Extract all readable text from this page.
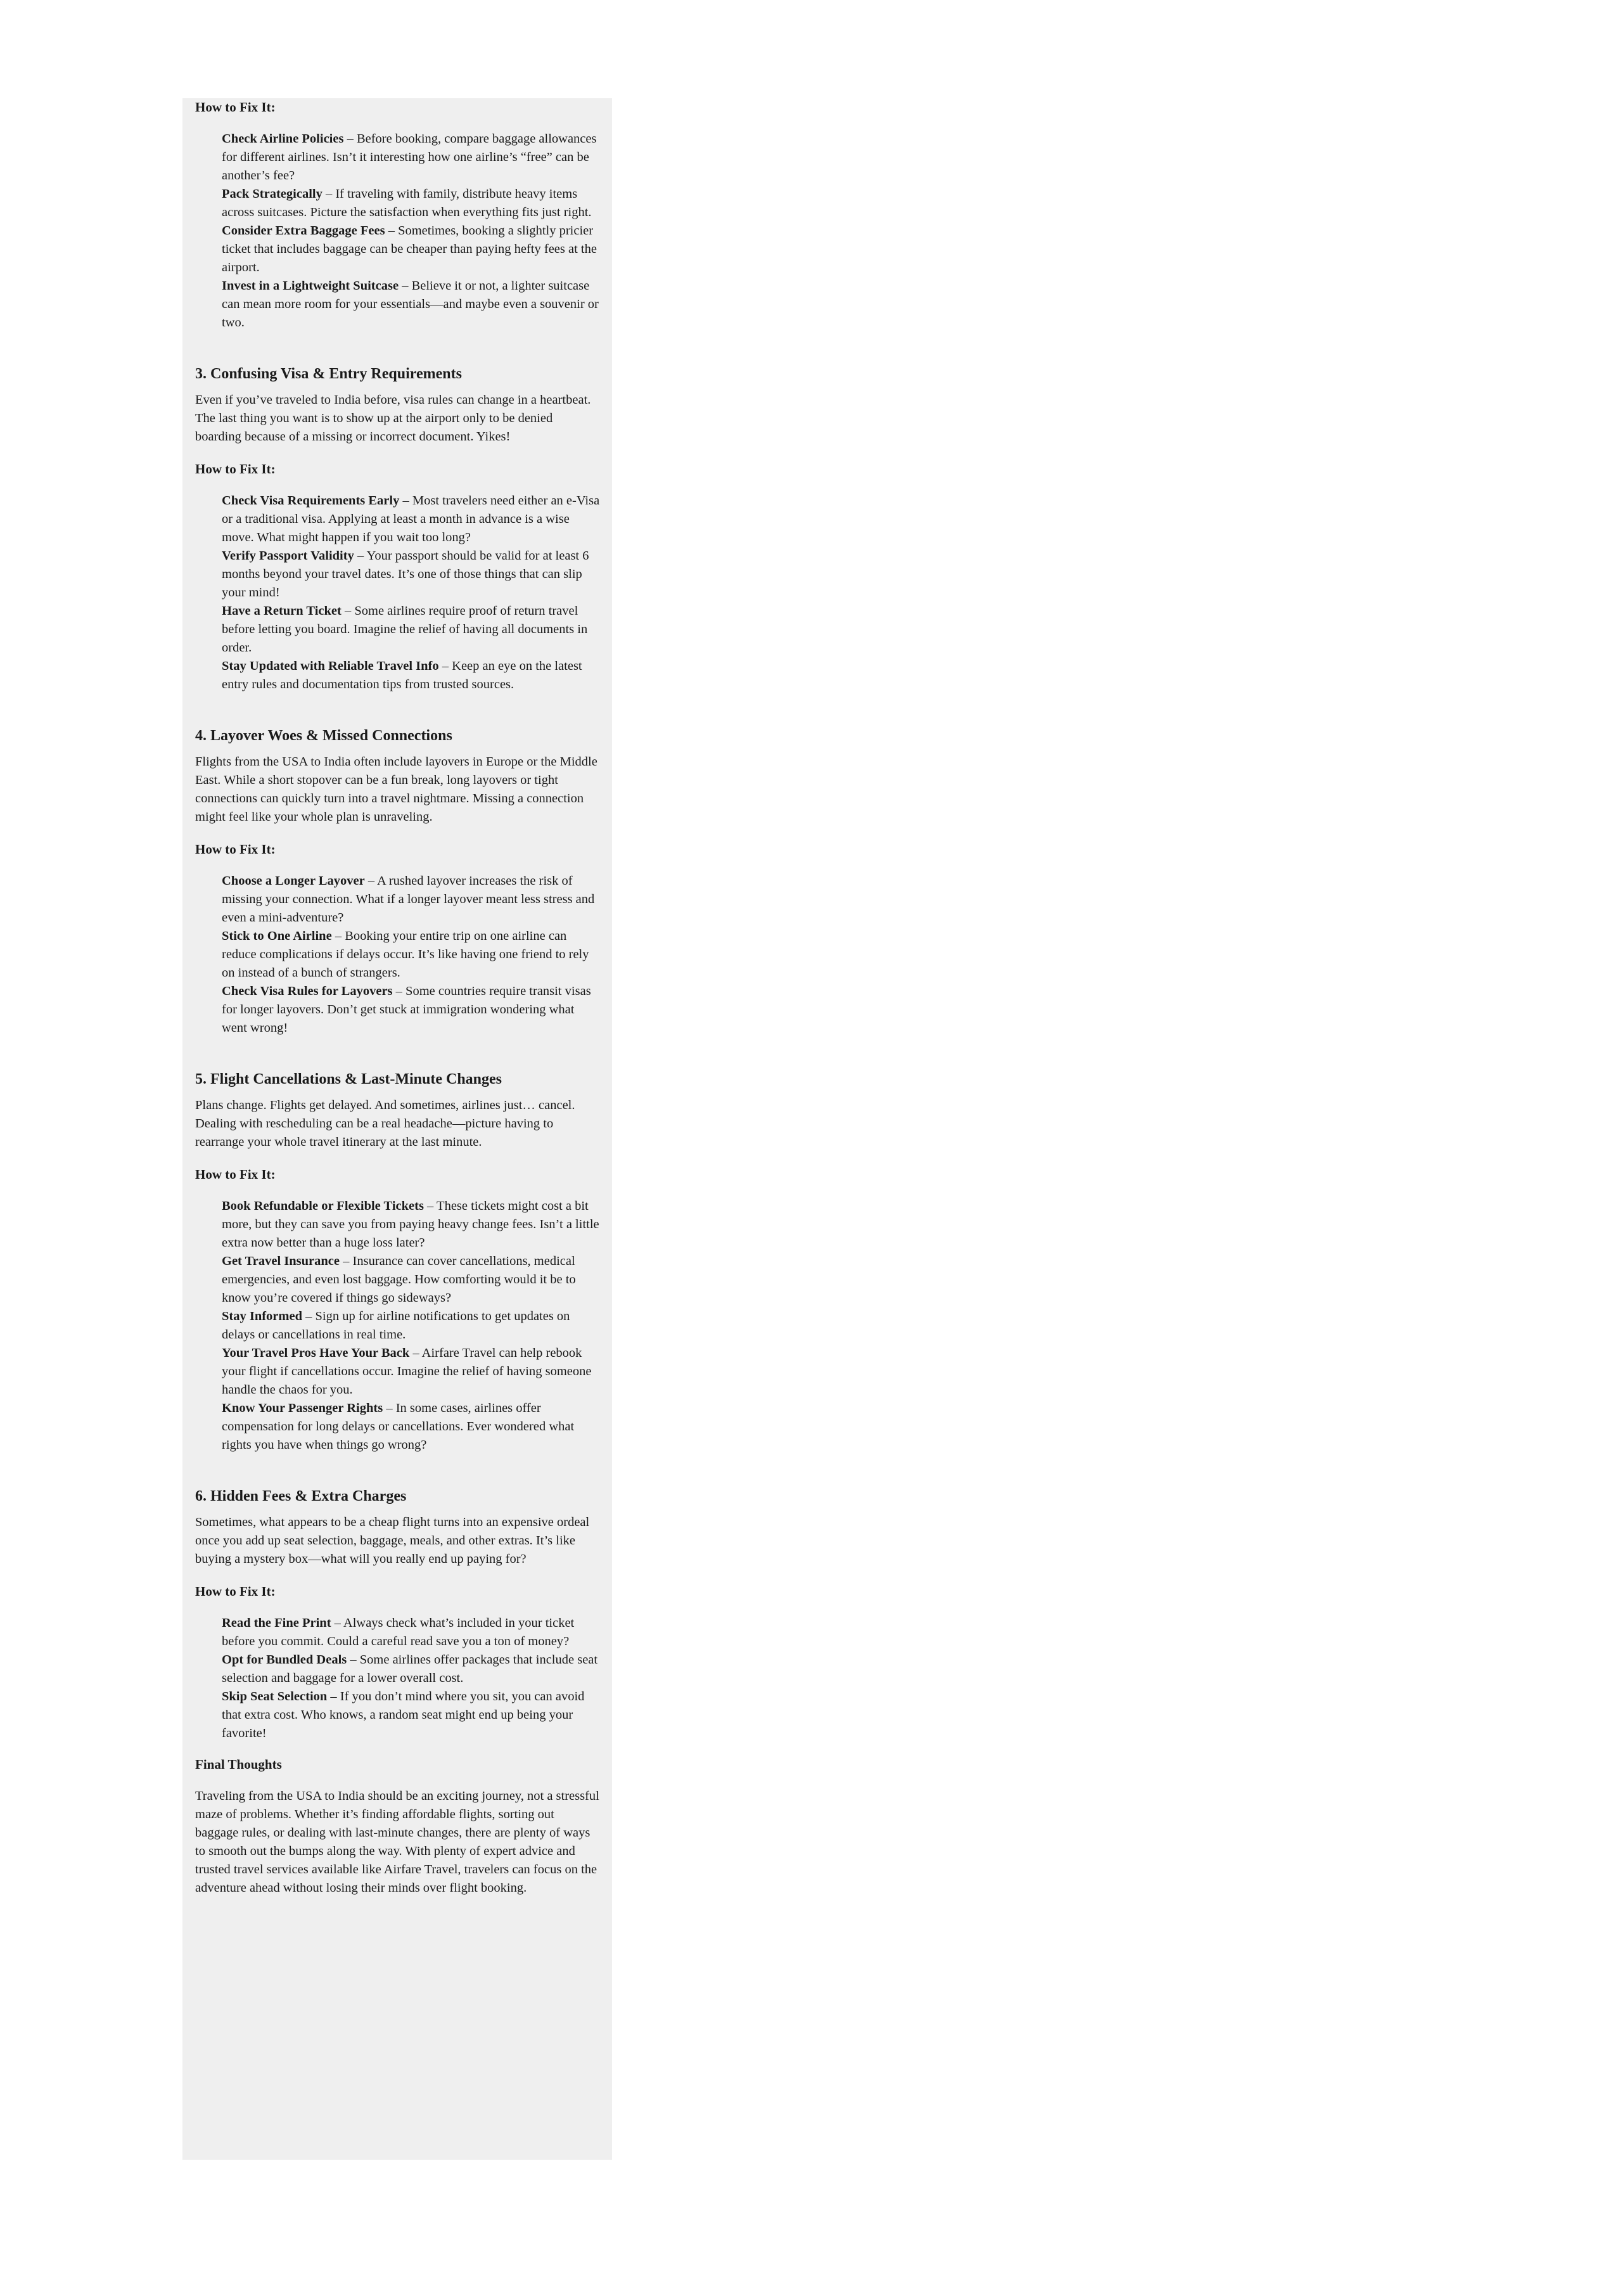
How to Fix It:

Check Airline Policies – Before booking, compare baggage allowances for different airlines. Isn’t it interesting how one airline’s “free” can be another’s fee?
Pack Strategically – If traveling with family, distribute heavy items across suitcases. Picture the satisfaction when everything fits just right.
Consider Extra Baggage Fees – Sometimes, booking a slightly pricier ticket that includes baggage can be cheaper than paying hefty fees at the airport.
Invest in a Lightweight Suitcase – Believe it or not, a lighter suitcase can mean more room for your essentials—and maybe even a souvenir or two.
3. Confusing Visa & Entry Requirements

Even if you’ve traveled to India before, visa rules can change in a heartbeat. The last thing you want is to show up at the airport only to be denied boarding because of a missing or incorrect document. Yikes!

How to Fix It:

Check Visa Requirements Early – Most travelers need either an e-Visa or a traditional visa. Applying at least a month in advance is a wise move. What might happen if you wait too long?
Verify Passport Validity – Your passport should be valid for at least 6 months beyond your travel dates. It’s one of those things that can slip your mind!
Have a Return Ticket – Some airlines require proof of return travel before letting you board. Imagine the relief of having all documents in order.
Stay Updated with Reliable Travel Info – Keep an eye on the latest entry rules and documentation tips from trusted sources.
4. Layover Woes & Missed Connections

Flights from the USA to India often include layovers in Europe or the Middle East. While a short stopover can be a fun break, long layovers or tight connections can quickly turn into a travel nightmare. Missing a connection might feel like your whole plan is unraveling.

How to Fix It:

Choose a Longer Layover – A rushed layover increases the risk of missing your connection. What if a longer layover meant less stress and even a mini-adventure?
Stick to One Airline – Booking your entire trip on one airline can reduce complications if delays occur. It’s like having one friend to rely on instead of a bunch of strangers.
Check Visa Rules for Layovers – Some countries require transit visas for longer layovers. Don’t get stuck at immigration wondering what went wrong!
5. Flight Cancellations & Last-Minute Changes

Plans change. Flights get delayed. And sometimes, airlines just… cancel. Dealing with rescheduling can be a real headache—picture having to rearrange your whole travel itinerary at the last minute.

How to Fix It:

Book Refundable or Flexible Tickets – These tickets might cost a bit more, but they can save you from paying heavy change fees. Isn’t a little extra now better than a huge loss later?
Get Travel Insurance – Insurance can cover cancellations, medical emergencies, and even lost baggage. How comforting would it be to know you’re covered if things go sideways?
Stay Informed – Sign up for airline notifications to get updates on delays or cancellations in real time.
Your Travel Pros Have Your Back – Airfare Travel can help rebook your flight if cancellations occur. Imagine the relief of having someone handle the chaos for you.
Know Your Passenger Rights – In some cases, airlines offer compensation for long delays or cancellations. Ever wondered what rights you have when things go wrong?
6. Hidden Fees & Extra Charges

Sometimes, what appears to be a cheap flight turns into an expensive ordeal once you add up seat selection, baggage, meals, and other extras. It’s like buying a mystery box—what will you really end up paying for?

How to Fix It:

Read the Fine Print – Always check what’s included in your ticket before you commit. Could a careful read save you a ton of money?
Opt for Bundled Deals – Some airlines offer packages that include seat selection and baggage for a lower overall cost.
Skip Seat Selection – If you don’t mind where you sit, you can avoid that extra cost. Who knows, a random seat might end up being your favorite!
Final Thoughts

Traveling from the USA to India should be an exciting journey, not a stressful maze of problems. Whether it’s finding affordable flights, sorting out baggage rules, or dealing with last-minute changes, there are plenty of ways to smooth out the bumps along the way. With plenty of expert advice and trusted travel services available like Airfare Travel, travelers can focus on the adventure ahead without losing their minds over flight booking.
